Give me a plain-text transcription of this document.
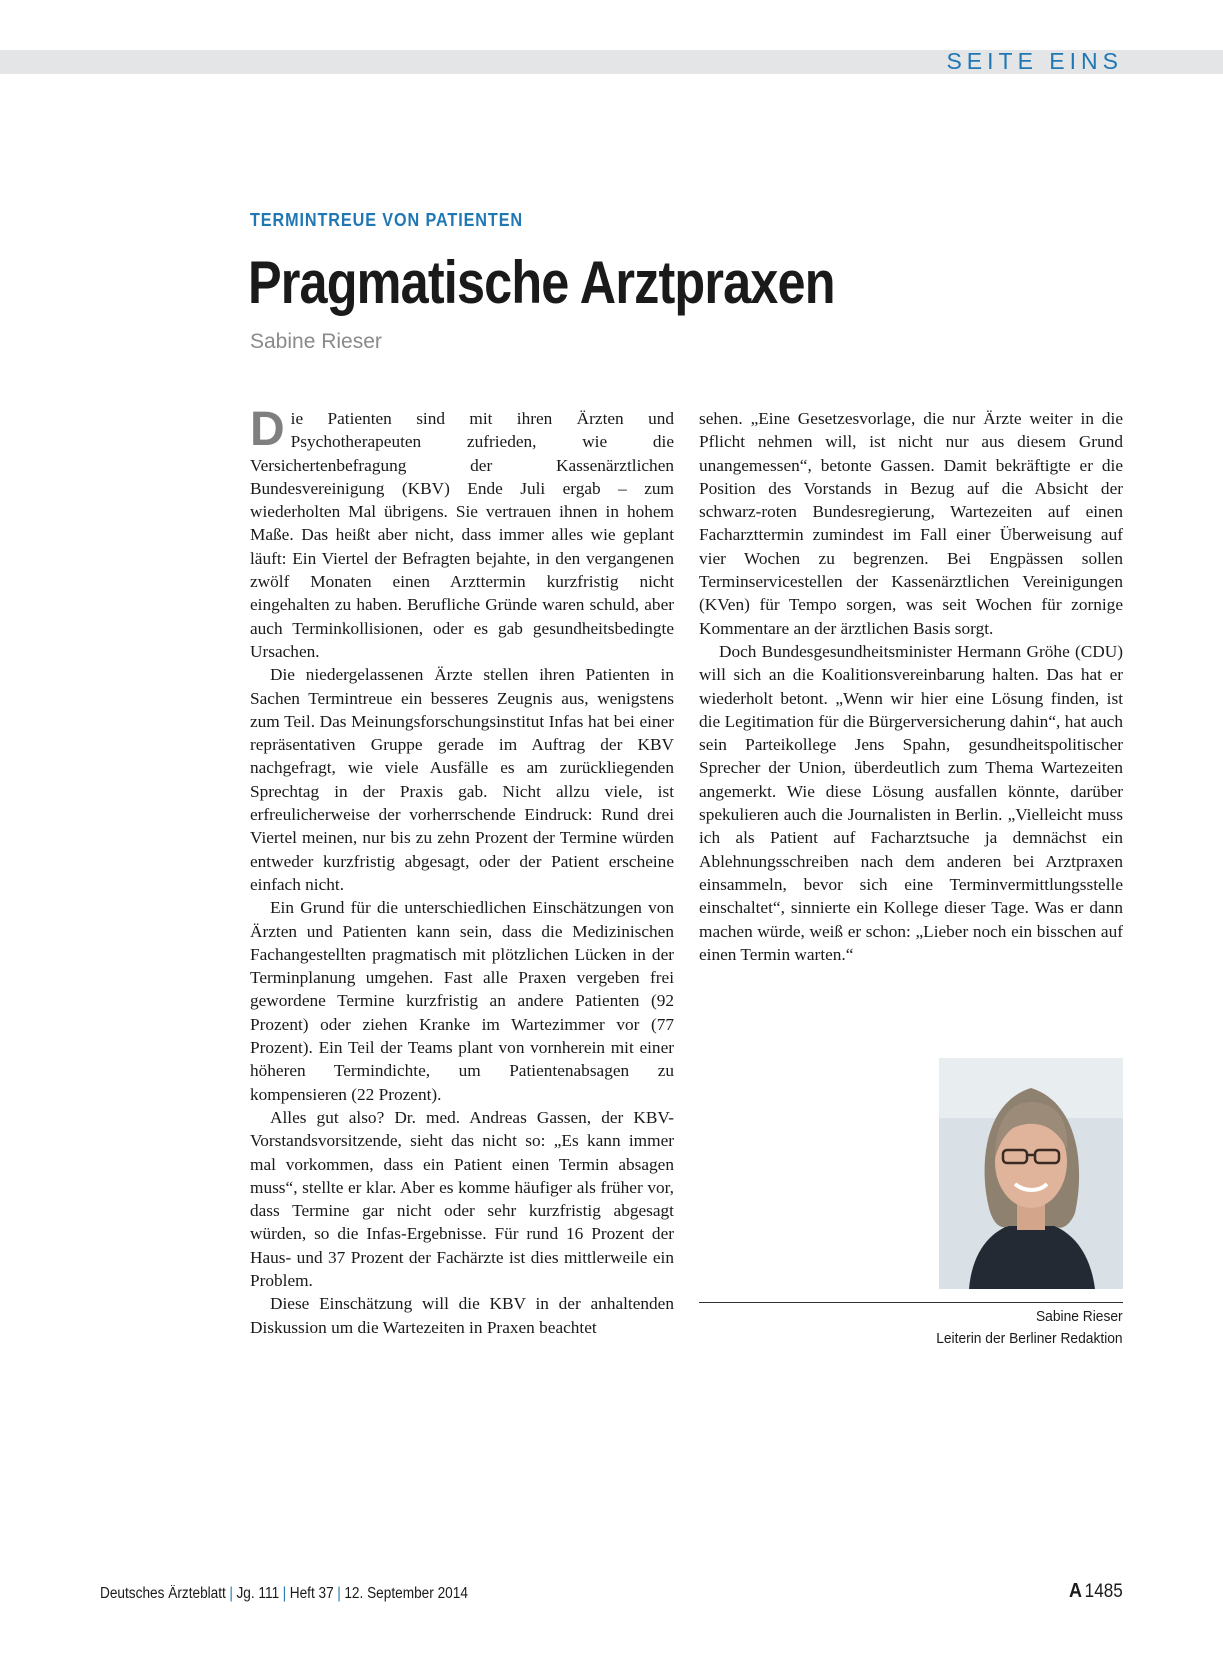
SEITE EINS
TERMINTREUE VON PATIENTEN
Pragmatische Arztpraxen
Sabine Rieser

Die Patienten sind mit ihren Ärzten und Psychotherapeuten zufrieden, wie die Versichertenbefragung der Kassenärztlichen Bundesvereinigung (KBV) Ende Juli ergab – zum wiederholten Mal übrigens. Sie vertrauen ihnen in hohem Maße. Das heißt aber nicht, dass immer alles wie geplant läuft: Ein Viertel der Befragten bejahte, in den vergangenen zwölf Monaten einen Arzttermin kurzfristig nicht eingehalten zu haben. Berufliche Gründe waren schuld, aber auch Terminkollisionen, oder es gab gesundheitsbedingte Ursachen.

Die niedergelassenen Ärzte stellen ihren Patienten in Sachen Termintreue ein besseres Zeugnis aus, wenigstens zum Teil. Das Meinungsforschungsinstitut Infas hat bei einer repräsentativen Gruppe gerade im Auftrag der KBV nachgefragt, wie viele Ausfälle es am zurückliegenden Sprechtag in der Praxis gab. Nicht allzu viele, ist erfreulicherweise der vorherrschende Eindruck: Rund drei Viertel meinen, nur bis zu zehn Prozent der Termine würden entweder kurzfristig abgesagt, oder der Patient erscheine einfach nicht.

Ein Grund für die unterschiedlichen Einschätzungen von Ärzten und Patienten kann sein, dass die Medizinischen Fachangestellten pragmatisch mit plötzlichen Lücken in der Terminplanung umgehen. Fast alle Praxen vergeben frei gewordene Termine kurzfristig an andere Patienten (92 Prozent) oder ziehen Kranke im Wartezimmer vor (77 Prozent). Ein Teil der Teams plant von vornherein mit einer höheren Termindichte, um Patientenabsagen zu kompensieren (22 Prozent).

Alles gut also? Dr. med. Andreas Gassen, der KBV-Vorstandsvorsitzende, sieht das nicht so: „Es kann immer mal vorkommen, dass ein Patient einen Termin absagen muss“, stellte er klar. Aber es komme häufiger als früher vor, dass Termine gar nicht oder sehr kurzfristig abgesagt würden, so die Infas-Ergebnisse. Für rund 16 Prozent der Haus- und 37 Prozent der Fachärzte ist dies mittlerweile ein Problem.

Diese Einschätzung will die KBV in der anhaltenden Diskussion um die Wartezeiten in Praxen beachtet

sehen. „Eine Gesetzesvorlage, die nur Ärzte weiter in die Pflicht nehmen will, ist nicht nur aus diesem Grund unangemessen“, betonte Gassen. Damit bekräftigte er die Position des Vorstands in Bezug auf die Absicht der schwarz-roten Bundesregierung, Wartezeiten auf einen Facharzttermin zumindest im Fall einer Überweisung auf vier Wochen zu begrenzen. Bei Engpässen sollen Terminservicestellen der Kassenärztlichen Vereinigungen (KVen) für Tempo sorgen, was seit Wochen für zornige Kommentare an der ärztlichen Basis sorgt.

Doch Bundesgesundheitsminister Hermann Gröhe (CDU) will sich an die Koalitionsvereinbarung halten. Das hat er wiederholt betont. „Wenn wir hier eine Lösung finden, ist die Legitimation für die Bürgerversicherung dahin“, hat auch sein Parteikollege Jens Spahn, gesundheitspolitischer Sprecher der Union, überdeutlich zum Thema Wartezeiten angemerkt. Wie diese Lösung ausfallen könnte, darüber spekulieren auch die Journalisten in Berlin. „Vielleicht muss ich als Patient auf Facharztsuche ja demnächst ein Ablehnungsschreiben nach dem anderen bei Arztpraxen einsammeln, bevor sich eine Terminvermittlungsstelle einschaltet“, sinnierte ein Kollege dieser Tage. Was er dann machen würde, weiß er schon: „Lieber noch ein bisschen auf einen Termin warten.“

Sabine Rieser
Leiterin der Berliner Redaktion
Deutsches Ärzteblatt | Jg. 111 | Heft 37 | 12. September 2014	A 1485
